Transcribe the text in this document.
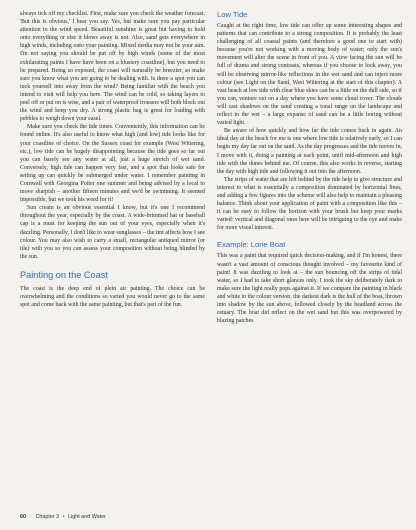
always tick off my checklist. First, make sure you check the weather forecast. 'But this is obvious,' I hear you say. Yes, but make sure you pay particular attention to the wind speed. Beautiful sunshine is great but having to hold onto everything or else it blows away is not. Also, sand gets everywhere in high winds, including onto your painting. Mixed media may not be your aim. I'm not saying you should be put off by high winds (some of the most exhilarating paints I have have been on a blustery coastline), but you need to be prepared. Being so exposed, the coast will naturally be breezier, so make sure you know what you are going to be dealing with. Is there a spot you can tuck yourself into away from the wind? Being familiar with the beach you intend to visit will help you here. The wind can be cold, so taking layers to peel off or put on is wise, and a pair of waterproof trousers will both block out the wind and keep you dry. A strong plastic bag is great for loading with pebbles to weigh down your easel.

Make sure you check the tide times. Conveniently, this information can be found online. It's also useful to know what high (and low) tide looks like for your coastline of choice. On the Sussex coast for example (West Wittering, etc.), low tide can be hugely disappointing because the tide goes so far out you can barely see any water at all, just a huge stretch of wet sand. Conversely, high tide can happen very fast, and a spot that looks safe for setting up can quickly be submerged under water. I remember painting in Cornwall with Georgina Potter one summer and being advised by a local to move sharpish – another fifteen minutes and we'd be swimming. It seemed impossible, but we took his word for it!

Sun cream is an obvious essential I know, but it's one I recommend throughout the year, especially by the coast. A wide-brimmed hat or baseball cap is a must for keeping the sun out of your eyes, especially when it's dazzling. Personally, I don't like to wear sunglasses – the tint affects how I see colour. You may also wish to carry a small, rectangular antiqued mirror (or tile) with you so you can assess your composition without being blinded by the sun.

Painting on the Coast

The coast is the deep end of plein air painting. The choice can be overwhelming and the conditions so varied you would never go to the same spot and come back with the same painting, but that's part of the fun.

Low Tide

Caught at the right time, low tide can offer up some interesting shapes and patterns that can contribute to a strong composition. It is probably the least challenging of all coastal paints (and therefore a good one to start with) because you're not working with a moving body of water; only the sun's movement will alter the scene in front of you. A view facing the sun will be full of drama and strong contrasts, whereas if you choose to look away, you will be observing mirror-like reflections in the wet sand and can inject more colour (see Light on the Sand, West Wittering at the start of this chapter). A vast beach at low tide with clear blue skies can be a little on the dull side, so if you can, venture out on a day where you have some cloud cover. The clouds will cast shadows on the sand creating a tonal range on the landscape and reflect in the wet – a large expanse of sand can be a little boring without varied light.

Be aware of how quickly and how far the tide comes back in again. An ideal day at the beach for me is one where low tide is relatively early, so I can begin my day far out on the sand. As the day progresses and the tide moves in, I move with it, doing a painting at each point, until mid-afternoon and high tide with the dunes behind me. Of course, this also works in reverse, starting the day with high tide and following it out into the afternoon.

The strips of water that are left behind by the tide help to give structure and interest to what is essentially a composition dominated by horizontal lines, and adding a few figures into the scheme will also help to maintain a pleasing balance. Think about your application of paint with a composition like this – it can be easy to follow the horizon with your brush but keep your marks varied: vertical and diagonal ones here will be intriguing to the eye and make for more visual interest.

Example: Lone Boat

This was a paint that required quick decision-making, and if I'm honest, there wasn't a vast amount of conscious thought involved – my favourite kind of paint! It was dazzling to look at – the sun bouncing off the strips of tidal water, so I had to take short glances only. I took the sky deliberately dark to make sure the light really pops against it. If we compare the painting in black and white to the colour version, the darkest dark is the hull of the boat, thrown into shadow by the sun above, followed closely by the headland across the estuary. The boat did reflect on the wet sand but this was overpowered by blazing patches

60 Chapter 3 • Light and Water
